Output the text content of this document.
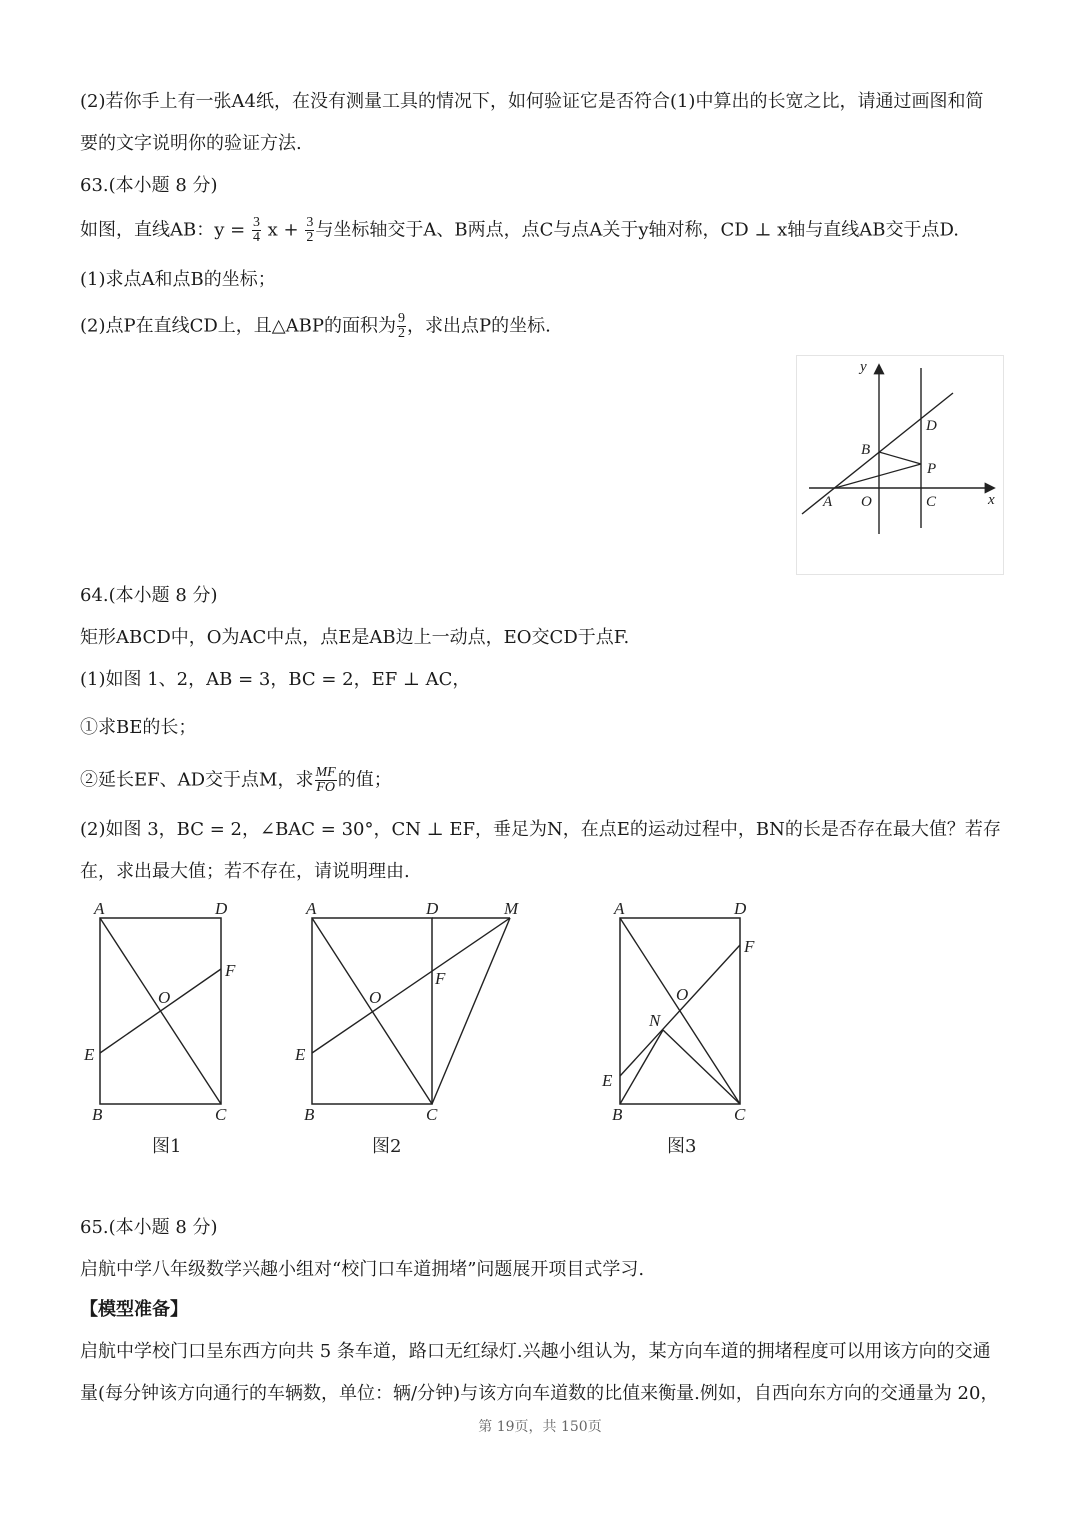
(2)若你手上有一张A4纸，在没有测量工具的情况下，如何验证它是否符合(1)中算出的长宽之比，请通过画图和简
要的文字说明你的验证方法.
63.(本小题 8 分)
如图，直线AB：$y = \frac{3}{4}$ $x + \frac{3}{2}$ 与坐标轴交于A、B两点，点C与点A关于y轴对称，CD ⊥ x轴与直线AB交于点D.
(1)求点A和点B的坐标；
(2)点P在直线CD上，且△ABP的面积为 $\frac{9}{2}$ ，求出点P的坐标.
y
x
D
B
P
A O	C
64.(本小题 8 分)
矩形ABCD中，O为AC中点，点E是AB边上一动点，EO交CD于点F.
(1)如图 1、2，AB = 3，BC = 2，EF ⊥ AC，
①求BE的长；
②延长EF、AD交于点M，求 $\frac{MF}{FO}$ 的值；
(2)如图 3，BC = 2，∠BAC = 30°，CN ⊥ EF，垂足为N，在点E的运动过程中，BN的长是否存在最大值？若存
在，求出最大值；若不存在，请说明理由.
A	D
F
O
E
B	C
图1
A	D	M
F
O
E
B	C
图2
A	D
F
O
N
E
B	C
图3
65.(本小题 8 分)
启航中学八年级数学兴趣小组对“校门口车道拥堵”问题展开项目式学习.
【模型准备】
启航中学校门口呈东西方向共 5 条车道，路口无红绿灯.兴趣小组认为，某方向车道的拥堵程度可以用该方向的交通
量(每分钟该方向通行的车辆数，单位：辆/分钟)与该方向车道数的比值来衡量.例如，自西向东方向的交通量为 20，
第 19页，共 150页
